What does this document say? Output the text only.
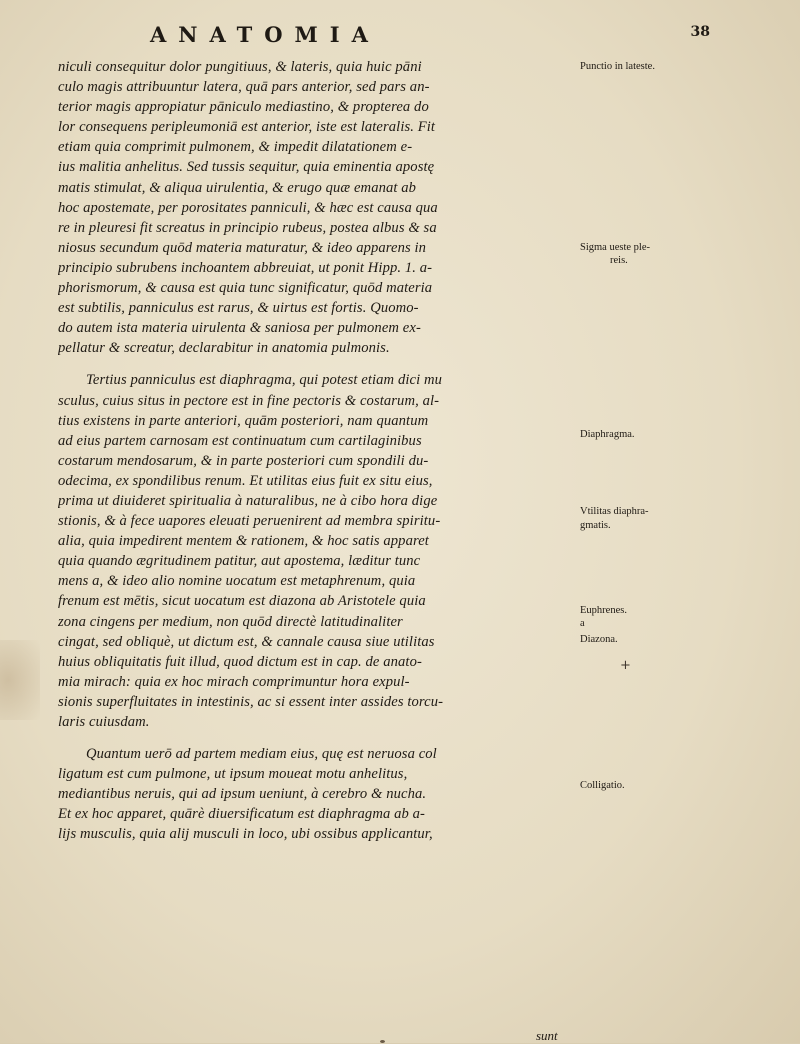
ANATOMIA	38
niculi consequitur dolor pungitiuus, & lateris, quia huic pāni
culo magis attribuuntur latera, quā pars anterior, sed pars an-
terior magis appropiatur pāniculo mediastino, & propterea do
lor consequens peripleumoniā est anterior, iste est lateralis. Fit
etiam quia comprimit pulmonem, & impedit dilatationem e-
ius malitia anhelitus. Sed tussis sequitur, quia eminentia apostę
matis stimulat, & aliqua uirulentia, & erugo quæ emanat ab
hoc apostemate, per porositates panniculi, & hæc est causa qua
re in pleuresi fit screatus in principio rubeus, postea albus & sa
niosus secundum quōd materia maturatur, & ideo apparens in
principio subrubens inchoantem abbreuiat, ut ponit Hipp. 1. a-
phorismorum, & causa est quia tunc significatur, quōd materia
est subtilis, panniculus est rarus, & uirtus est fortis. Quomo-
do autem ista materia uirulenta & saniosa per pulmonem ex-
pellatur & screatur, declarabitur in anatomia pulmonis.
Tertius panniculus est diaphragma, qui potest etiam dici mu
sculus, cuius situs in pectore est in fine pectoris & costarum, al-
tius existens in parte anteriori, quām posteriori, nam quantum
ad eius partem carnosam est continuatum cum cartilaginibus
costarum mendosarum, & in parte posteriori cum spondili du-
odecima, ex spondilibus renum. Et utilitas eius fuit ex situ eius,
prima ut diuideret spiritualia à naturalibus, ne à cibo hora dige
stionis, & à fece uapores eleuati peruenirent ad membra spiritu-
alia, quia impedirent mentem & rationem, & hoc satis apparet
quia quando ægritudinem patitur, aut apostema, læditur tunc
mens a, & ideo alio nomine uocatum est metaphrenum, quia
frenum est mētis, sicut uocatum est diazona ab Aristotele quia
zona cingens per medium, non quōd directè latitudinaliter
cingat, sed obliquè, ut dictum est, & cannale causa siue utilitas
huius obliquitatis fuit illud, quod dictum est in cap. de anato-
mia mirach: quia ex hoc mirach comprimuntur hora expul-
sionis superfluitates in intestinis, ac si essent inter assides torcu-
laris cuiusdam.
Quantum uerō ad partem mediam eius, quę est neruosa col
ligatum est cum pulmone, ut ipsum moueat motu anhelitus,
mediantibus neruis, qui ad ipsum ueniunt, à cerebro & nucha.
Et ex hoc apparet, quārè diuersificatum est diaphragma ab a-
lijs musculis, quia alij musculi in loco, ubi ossibus applicantur,
Punctio in lateste.
Sigma ueste ple-
reis.
Diaphragma.
Vtilitas diaphra-
gmatis.
Euphrenes.
a
Diazona.
Colligatio.
+
sunt
